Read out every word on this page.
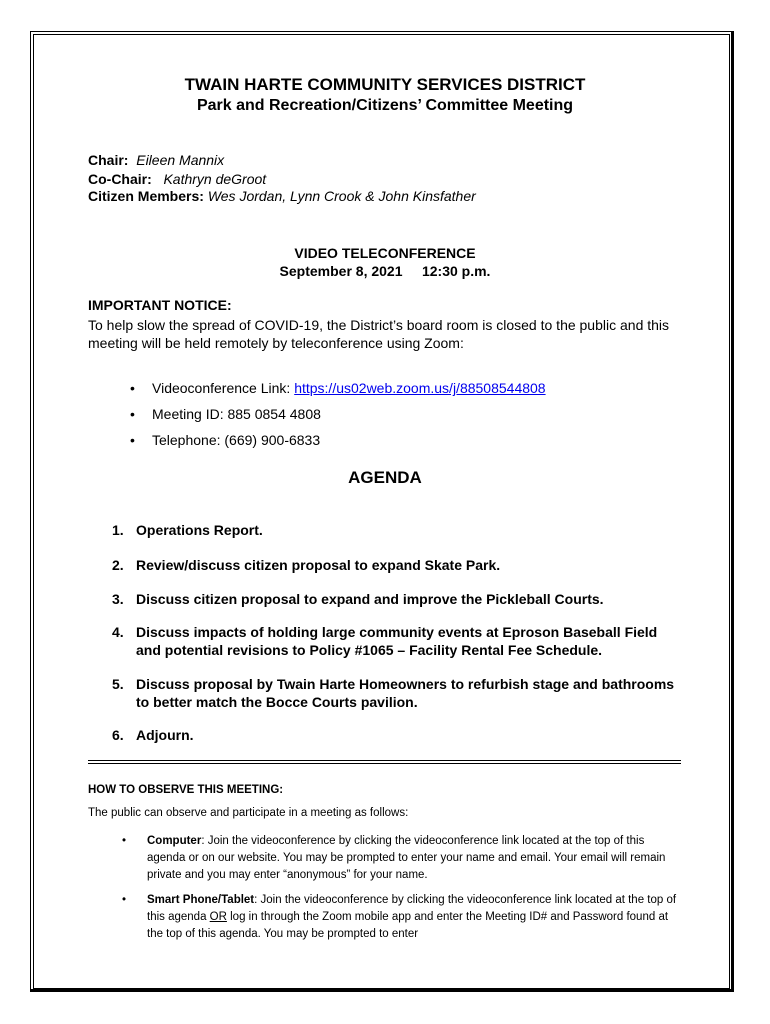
TWAIN HARTE COMMUNITY SERVICES DISTRICT
Park and Recreation/Citizens’ Committee Meeting
Chair: Eileen Mannix
Co-Chair: Kathryn deGroot
Citizen Members: Wes Jordan, Lynn Crook & John Kinsfather
VIDEO TELECONFERENCE
September 8, 2021 12:30 p.m.
IMPORTANT NOTICE:
To help slow the spread of COVID-19, the District’s board room is closed to the public and this meeting will be held remotely by teleconference using Zoom:
• Videoconference Link: https://us02web.zoom.us/j/88508544808
• Meeting ID: 885 0854 4808
• Telephone: (669) 900-6833
AGENDA
1. Operations Report.
2. Review/discuss citizen proposal to expand Skate Park.
3. Discuss citizen proposal to expand and improve the Pickleball Courts.
4. Discuss impacts of holding large community events at Eproson Baseball Field and potential revisions to Policy #1065 – Facility Rental Fee Schedule.
5. Discuss proposal by Twain Harte Homeowners to refurbish stage and bathrooms to better match the Bocce Courts pavilion.
6. Adjourn.
HOW TO OBSERVE THIS MEETING:
The public can observe and participate in a meeting as follows:
• Computer: Join the videoconference by clicking the videoconference link located at the top of this agenda or on our website. You may be prompted to enter your name and email. Your email will remain private and you may enter “anonymous” for your name.
• Smart Phone/Tablet: Join the videoconference by clicking the videoconference link located at the top of this agenda OR log in through the Zoom mobile app and enter the Meeting ID# and Password found at the top of this agenda. You may be prompted to enter
